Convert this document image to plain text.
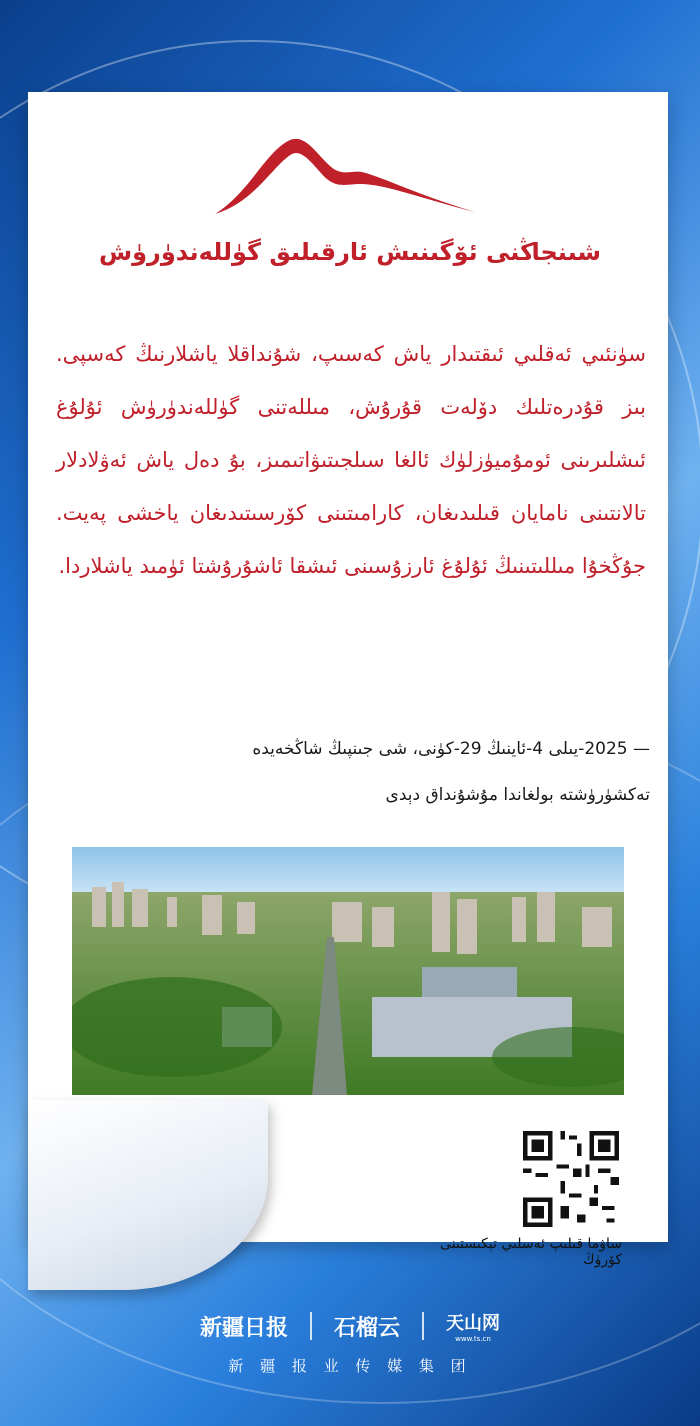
شىنجاڭنى ئۆگىنىش ئارقىلىق گۈللەندۈرۈش
سۈنئىي ئەقلىي ئىقتىدار ياش كەسىپ، شۇنداقلا ياشلارنىڭ كەسپى. بىز قۇدرەتلىك دۆلەت قۇرۇش، مىللەتنى گۈللەندۈرۈش ئۇلۇغ ئىشلىرىنى ئومۇميۈزلۈك ئالغا سىلجىتىۋاتىمىز، بۇ دەل ياش ئەۋلادلار تالانتىنى نامايان قىلىدىغان، كارامىتىنى كۆرسىتىدىغان ياخشى پەيت. جۇڭخۇا مىللىتىنىڭ ئۇلۇغ ئارزۇسىنى ئىشقا ئاشۇرۇشتا ئۈمىد ياشلاردا.
— 2025-يىلى 4-ئاينىڭ 29-كۈنى، شى جىنپىڭ شاڭخەيدە
تەكشۈرۈشتە بولغاندا مۇشۇنداق دېدى
ساۋما قىلىپ ئەسلىي تېكىستىنى كۆرۈڭ
新疆日报 石榴云	天山网
www.ts.cn
新 疆 报 业 传 媒 集 团
